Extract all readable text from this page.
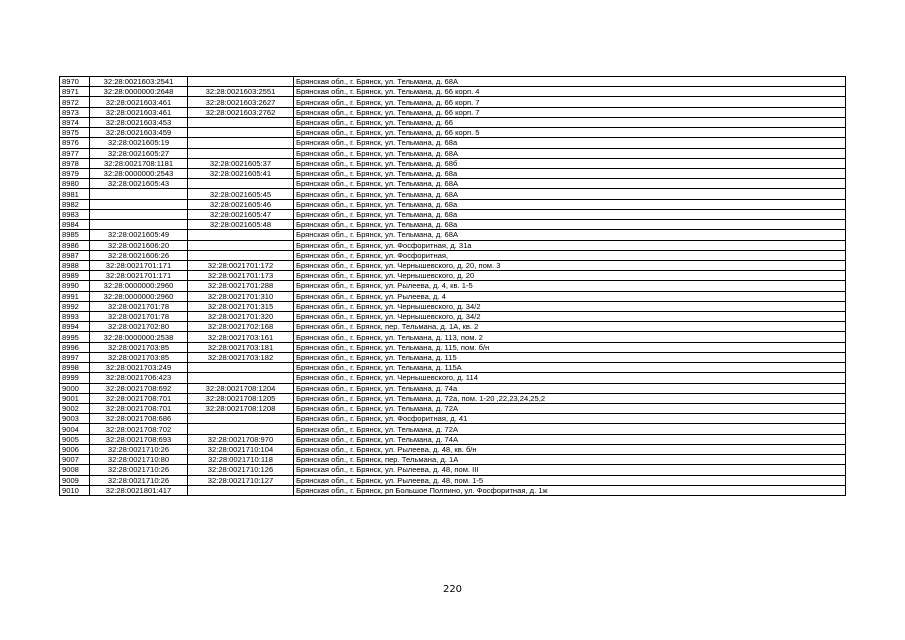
8970	32:28:0021603:2541		Брянская обл., г. Брянск, ул. Тельмана, д. 68А
8971	32:28:0000000:2648	32:28:0021603:2551	Брянская обл., г. Брянск, ул. Тельмана, д. 66 корп. 4
8972	32:28:0021603:461	32:28:0021603:2627	Брянская обл., г. Брянск, ул. Тельмана, д. 66 корп. 7
8973	32:28:0021603:461	32:28:0021603:2762	Брянская обл., г. Брянск, ул. Тельмана, д. 66 корп. 7
8974	32:28:0021603:453		Брянская обл., г. Брянск, ул. Тельмана, д. 66
8975	32:28:0021603:459		Брянская обл., г. Брянск, ул. Тельмана, д. 66 корп. 5
8976	32:28:0021605:19		Брянская обл., г. Брянск, ул. Тельмана, д. 68а
8977	32:28:0021605:27		Брянская обл., г. Брянск, ул. Тельмана, д. 68А
8978	32:28:0021708:1181	32:28:0021605:37	Брянская обл., г. Брянск, ул. Тельмана, д. 68б
8979	32:28:0000000:2543	32:28:0021605:41	Брянская обл., г. Брянск, ул. Тельмана, д. 68а
8980	32:28:0021605:43		Брянская обл., г. Брянск, ул. Тельмана, д. 68А
8981		32:28:0021605:45	Брянская обл., г. Брянск, ул. Тельмана, д. 68А
8982		32:28:0021605:46	Брянская обл., г. Брянск, ул. Тельмана, д. 68а
8983		32:28:0021605:47	Брянская обл., г. Брянск, ул. Тельмана, д. 68а
8984		32:28:0021605:48	Брянская обл., г. Брянск, ул. Тельмана, д. 68а
8985	32:28:0021605:49		Брянская обл., г. Брянск, ул. Тельмана, д. 68А
8986	32:28:0021606:20		Брянская обл., г. Брянск, ул. Фосфоритная, д. 31а
8987	32:28:0021606:26		Брянская обл., г. Брянск, ул. Фосфоритная,
8988	32:28:0021701:171	32:28:0021701:172	Брянская обл., г. Брянск, ул. Чернышевского, д. 20, пом. 3
8989	32:28:0021701:171	32:28:0021701:173	Брянская обл., г. Брянск, ул. Чернышевского, д. 20
8990	32:28:0000000:2960	32:28:0021701:288	Брянская обл., г. Брянск, ул. Рылеева, д. 4, кв. 1-5
8991	32:28:0000000:2960	32:28:0021701:310	Брянская обл., г. Брянск, ул. Рылеева, д. 4
8992	32:28:0021701:78	32:28:0021701:315	Брянская обл., г. Брянск, ул. Чернышевского, д. 34/2
8993	32:28:0021701:78	32:28:0021701:320	Брянская обл., г. Брянск, ул. Чернышевского, д. 34/2
8994	32:28:0021702:80	32:28:0021702:168	Брянская обл., г. Брянск, пер. Тельмана, д. 1А, кв. 2
8995	32:28:0000000:2538	32:28:0021703:161	Брянская обл., г. Брянск, ул. Тельмана, д. 113, пом. 2
8996	32:28:0021703:85	32:28:0021703:181	Брянская обл., г. Брянск, ул. Тельмана, д. 115, пом. б/н
8997	32:28:0021703:85	32:28:0021703:182	Брянская обл., г. Брянск, ул. Тельмана, д. 115
8998	32:28:0021703:249		Брянская обл., г. Брянск, ул. Тельмана, д. 115А
8999	32:28:0021706:423		Брянская обл., г. Брянск, ул. Чернышевского, д. 114
9000	32:28:0021708:692	32:28:0021708:1204	Брянская обл., г. Брянск, ул. Тельмана, д. 74а
9001	32:28:0021708:701	32:28:0021708:1205	Брянская обл., г. Брянск, ул. Тельмана, д. 72а, пом. 1-20 ,22,23,24,25,2
9002	32:28:0021708:701	32:28:0021708:1208	Брянская обл., г. Брянск, ул. Тельмана, д. 72А
9003	32:28:0021708:686		Брянская обл., г. Брянск, ул. Фосфоритная, д. 41
9004	32:28:0021708:702		Брянская обл., г. Брянск, ул. Тельмана, д. 72А
9005	32:28:0021708:693	32:28:0021708:970	Брянская обл., г. Брянск, ул. Тельмана, д. 74А
9006	32:28:0021710:26	32:28:0021710:104	Брянская обл., г. Брянск, ул. Рылеева, д. 48, кв. б/н
9007	32:28:0021710:80	32:28:0021710:118	Брянская обл., г. Брянск, пер. Тельмана, д. 1А
9008	32:28:0021710:26	32:28:0021710:126	Брянская обл., г. Брянск, ул. Рылеева, д. 48, пом. III
9009	32:28:0021710:26	32:28:0021710:127	Брянская обл., г. Брянск, ул. Рылеева, д. 48, пом. 1-5
9010	32:28:0021801:417		Брянская обл., г. Брянск, рп Большое Полпино, ул. Фосфоритная, д. 1ж
220
